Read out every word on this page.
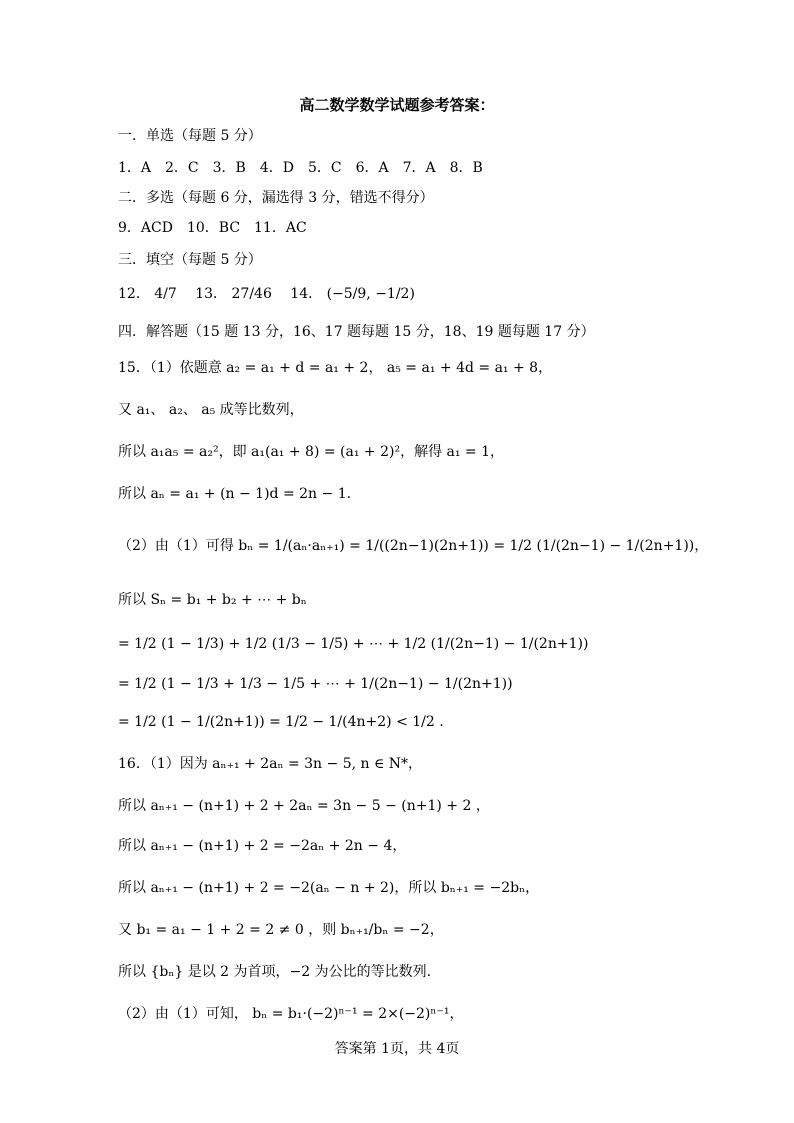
高二数学数学试题参考答案：
一．单选（每题 5 分）
1．A　2．C　3．B　4．D　5．C　6．A　7．A　8．B
二．多选（每题 6 分，漏选得 3 分，错选不得分）
9．ACD　10．BC　11．AC
三．填空（每题 5 分）
12． 4/7 　13． 27/46 　14． (−5/9, −1/2)
四．解答题（15 题 13 分，16、17 题每题 15 分，18、19 题每题 17 分）
15．（1）依题意 a₂ = a₁ + d = a₁ + 2， a₅ = a₁ + 4d = a₁ + 8，
又 a₁、 a₂、 a₅ 成等比数列，
所以 a₁a₅ = a₂²，即 a₁(a₁ + 8) = (a₁ + 2)²，解得 a₁ = 1，
所以 aₙ = a₁ + (n − 1)d = 2n − 1.
（2）由（1）可得 bₙ = 1/(aₙ·aₙ₊₁) = 1/((2n−1)(2n+1)) = 1/2 (1/(2n−1) − 1/(2n+1))，
所以 Sₙ = b₁ + b₂ + ⋯ + bₙ
= 1/2 (1 − 1/3) + 1/2 (1/3 − 1/5) + ⋯ + 1/2 (1/(2n−1) − 1/(2n+1))
= 1/2 (1 − 1/3 + 1/3 − 1/5 + ⋯ + 1/(2n−1) − 1/(2n+1))
= 1/2 (1 − 1/(2n+1)) = 1/2 − 1/(4n+2) < 1/2 .
16．（1）因为 aₙ₊₁ + 2aₙ = 3n − 5, n ∈ N*，
所以 aₙ₊₁ − (n+1) + 2 + 2aₙ = 3n − 5 − (n+1) + 2 ，
所以 aₙ₊₁ − (n+1) + 2 = −2aₙ + 2n − 4，
所以 aₙ₊₁ − (n+1) + 2 = −2(aₙ − n + 2)，所以 bₙ₊₁ = −2bₙ，
又 b₁ = a₁ − 1 + 2 = 2 ≠ 0 ，则 bₙ₊₁/bₙ = −2，
所以 {bₙ} 是以 2 为首项，−2 为公比的等比数列.
（2）由（1）可知， bₙ = b₁·(−2)ⁿ⁻¹ = 2×(−2)ⁿ⁻¹，
答案第 1页，共 4页
